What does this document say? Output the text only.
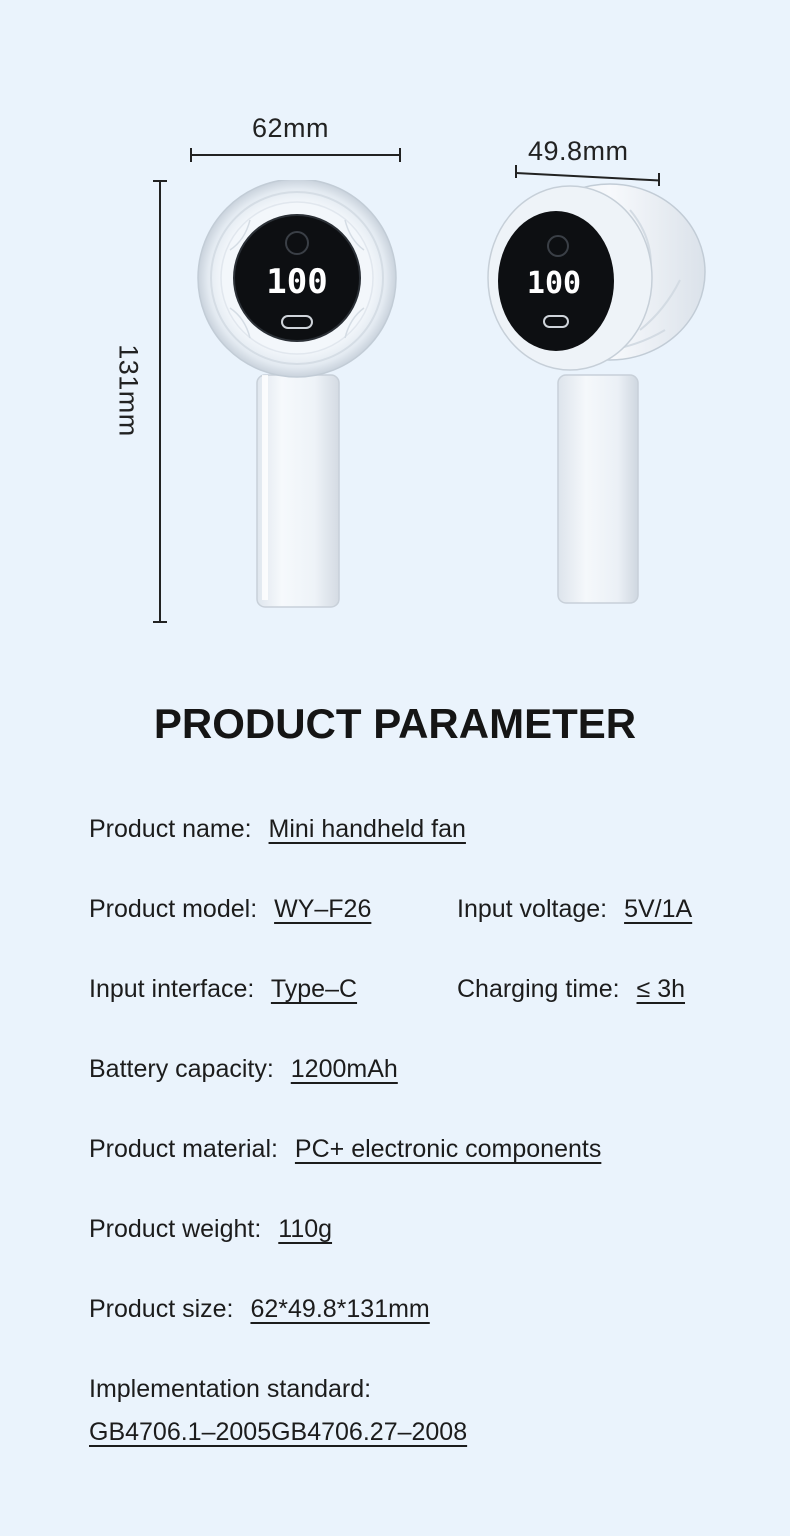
62mm
49.8mm
131mm
100	100
PRODUCT PARAMETER
Product name: Mini handheld fan
Product model: WY–F26	Input voltage: 5V/1A
Input interface: Type–C	Charging time: ≤ 3h
Battery capacity: 1200mAh
Product material: PC+ electronic components
Product weight: 110g
Product size: 62*49.8*131mm
Implementation standard:
GB4706.1–2005GB4706.27–2008
